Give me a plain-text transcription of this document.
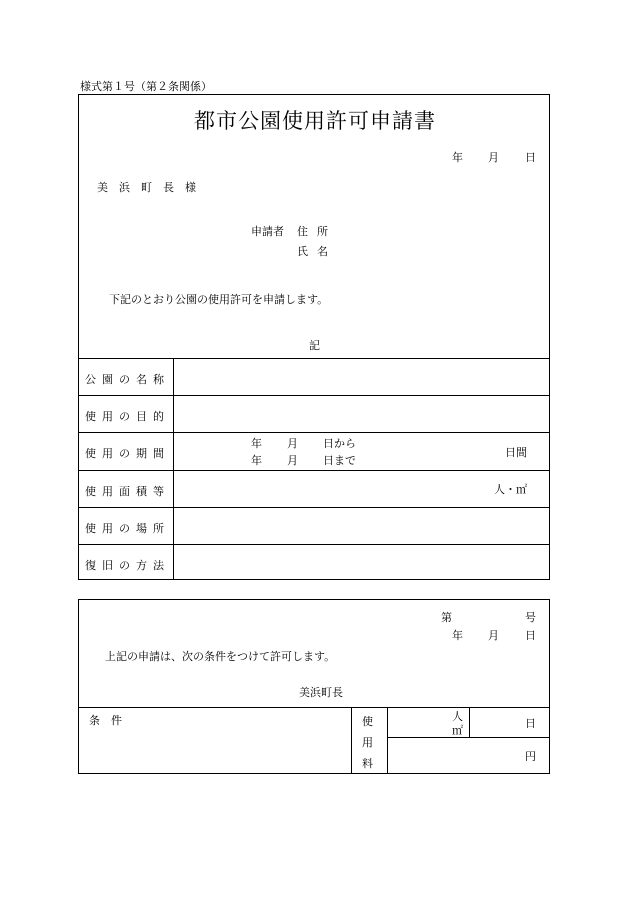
様式第１号（第２条関係）
都市公園使用許可申請書
年 月 日
美 浜 町 長 様
申請者 住 所
氏 名
下記のとおり公園の使用許可を申請します。
記
公 園 の 名 称
使 用 の 目 的
使 用 の 期 間
使 用 面 積 等
使 用 の 場 所
復 旧 の 方 法
年 月 日から
年 月 日まで
日間
人・㎡
第	号
年 月 日
上記の申請は、次の条件をつけて許可します。
美浜町長
条 件	使
用
料
人
㎡
日
円
